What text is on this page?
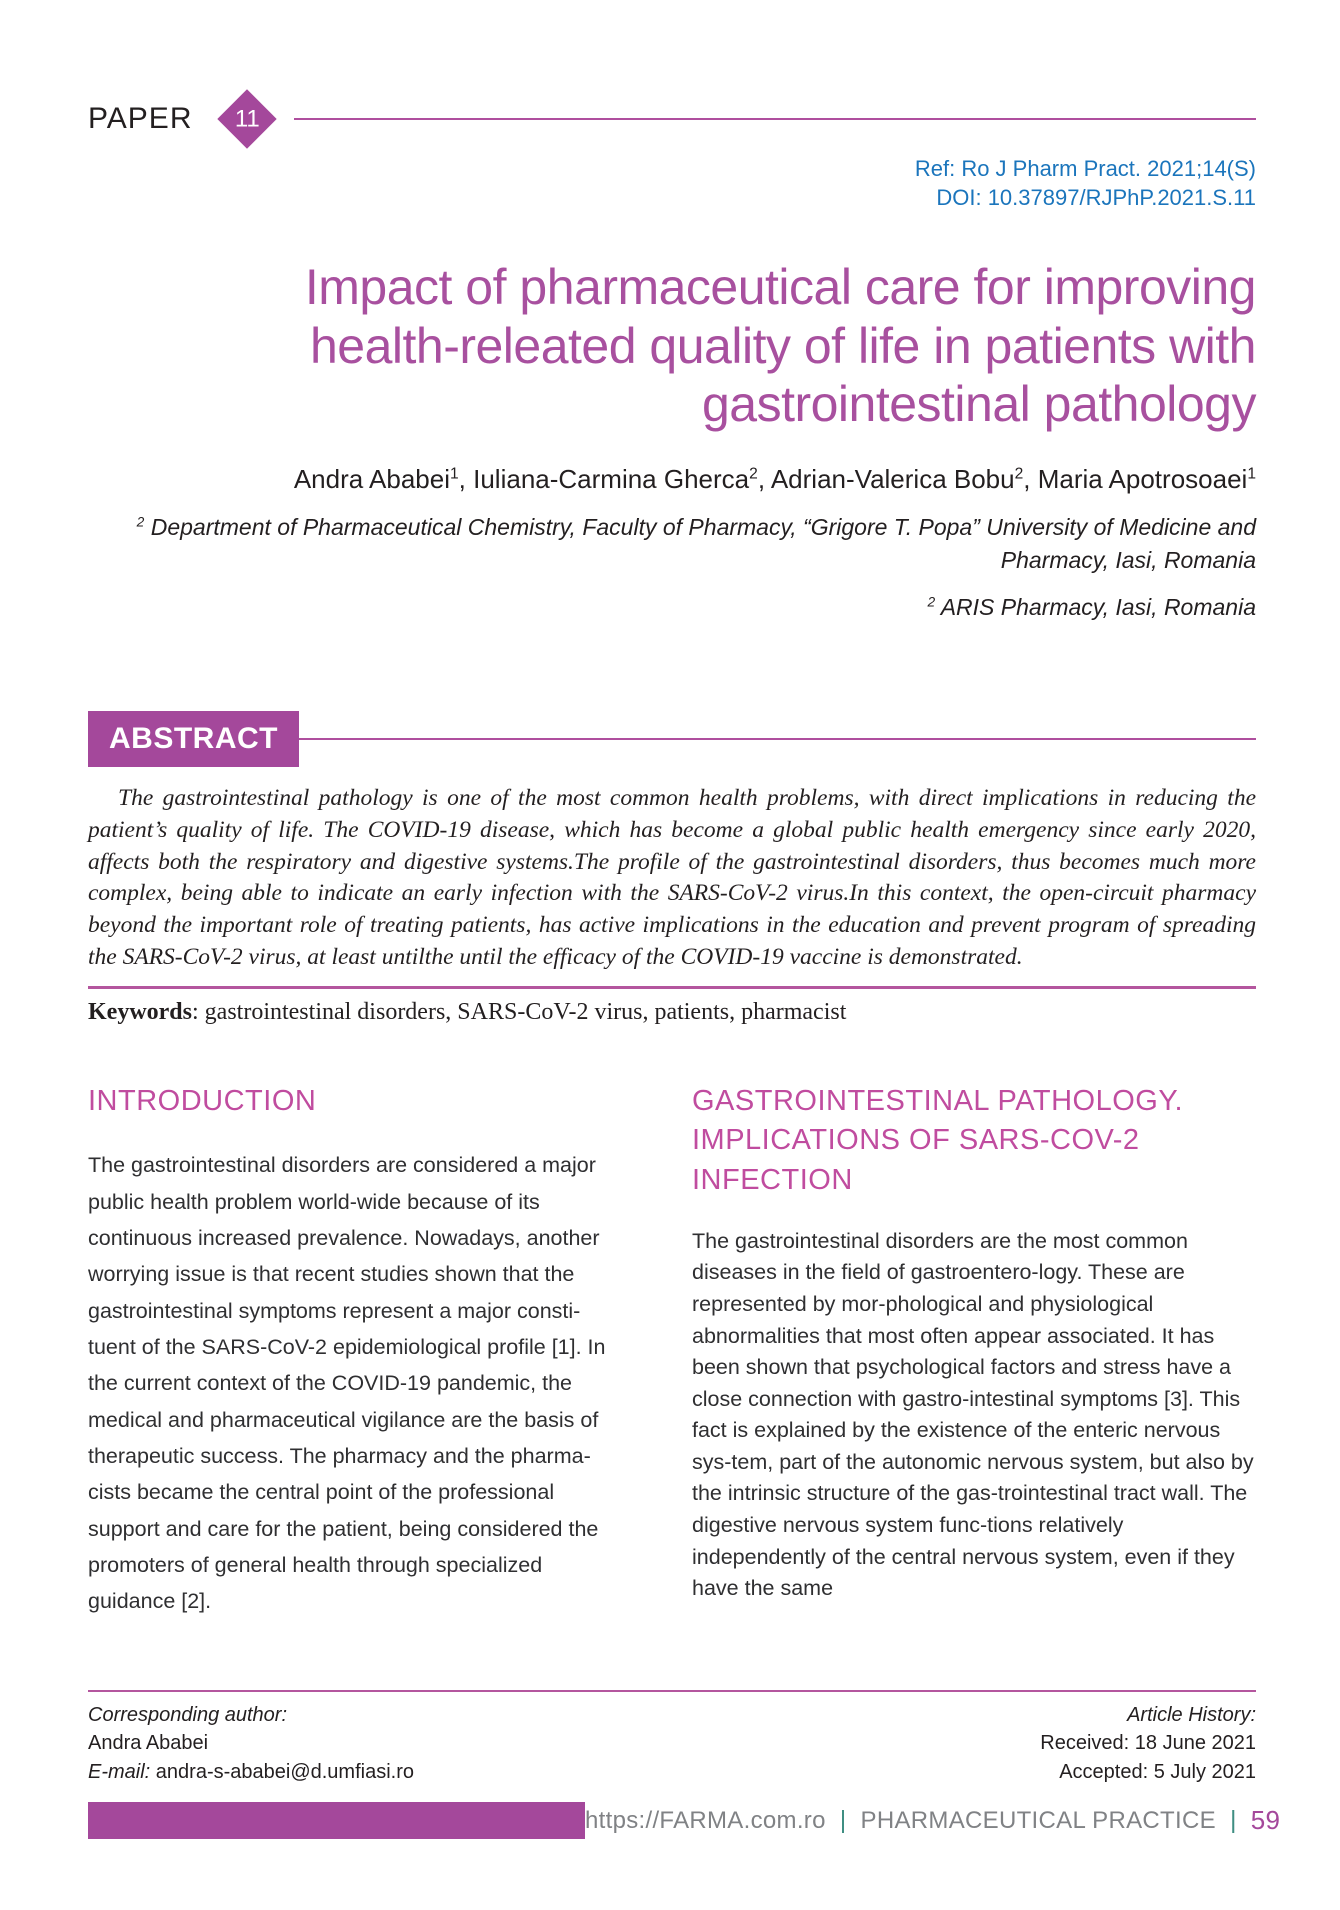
PAPER 11
Ref: Ro J Pharm Pract. 2021;14(S)
DOI: 10.37897/RJPhP.2021.S.11
Impact of pharmaceutical care for improving
health-releated quality of life in patients with
gastrointestinal pathology
Andra Ababei$^1$, Iuliana-Carmina Gherca$^2$, Adrian-Valerica Bobu$^2$, Maria Apotrosoaei$^1$
$^2$ Department of Pharmaceutical Chemistry, Faculty of Pharmacy, “Grigore T. Popa” University of Medicine and Pharmacy, Iasi, Romania
$^2$ ARIS Pharmacy, Iasi, Romania
ABSTRACT
The gastrointestinal pathology is one of the most common health problems, with direct implications in reducing the patient’s quality of life. The COVID-19 disease, which has become a global public health emergency since early 2020, affects both the respiratory and digestive systems.The profile of the gastrointestinal disorders, thus becomes much more complex, being able to indicate an early infection with the SARS-CoV-2 virus.In this context, the open-circuit pharmacy beyond the important role of treating patients, has active implications in the education and prevent program of spreading the SARS-CoV-2 virus, at least untilthe until the efficacy of the COVID-19 vaccine is demonstrated.
Keywords: gastrointestinal disorders, SARS-CoV-2 virus, patients, pharmacist
INTRODUCTION
The gastrointestinal disorders are considered a major public health problem world-wide because of its continuous increased prevalence. Nowadays, another worrying issue is that recent studies shown that the gastrointestinal symptoms represent a major consti-tuent of the SARS-CoV-2 epidemiological profile [1]. In the current context of the COVID-19 pandemic, the medical and pharmaceutical vigilance are the basis of therapeutic success. The pharmacy and the pharma-cists became the central point of the professional support and care for the patient, being considered the promoters of general health through specialized guidance [2].
GASTROINTESTINAL PATHOLOGY.
IMPLICATIONS OF SARS-COV-2
INFECTION
The gastrointestinal disorders are the most common diseases in the field of gastroentero-logy. These are represented by mor-phological and physiological abnormalities that most often appear associated. It has been shown that psychological factors and stress have a close connection with gastro-intestinal symptoms [3]. This fact is explained by the existence of the enteric nervous sys-tem, part of the autonomic nervous system, but also by the intrinsic structure of the gas-trointestinal tract wall. The digestive nervous system func-tions relatively independently of the central nervous system, even if they have the same
Corresponding author:
Andra Ababei
E-mail: andra-s-ababei@d.umfiasi.ro
Article History:
Received: 18 June 2021
Accepted: 5 July 2021
https://FARMA.com.ro | PHARMACEUTICAL PRACTICE | 59
